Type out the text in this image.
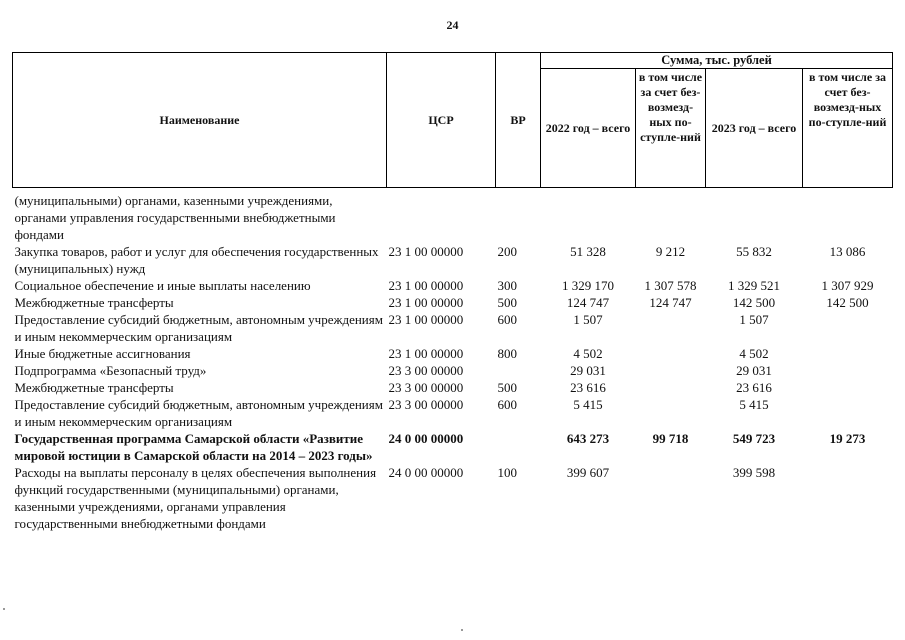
24
Наименование	ЦСР	ВР	Сумма, тыс. рублей			
			2022 год – всего	в том числе за счет без-возмезд-ных по-ступле-ний	2023 год – всего	в том числе за счет без-возмезд-ных по-ступле-ний

(муниципальными) органами, казенными учреждениями, органами управления государственными внебюджетными фондами						
Закупка товаров, работ и услуг для обеспечения государственных (муниципальных) нужд	23 1 00 00000	200	51 328	9 212	55 832	13 086
Социальное обеспечение и иные выплаты населению	23 1 00 00000	300	1 329 170	1 307 578	1 329 521	1 307 929
Межбюджетные трансферты	23 1 00 00000	500	124 747	124 747	142 500	142 500
Предоставление субсидий бюджетным, автономным учреждениям и иным некоммерческим организациям	23 1 00 00000	600	1 507		1 507	
Иные бюджетные ассигнования	23 1 00 00000	800	4 502		4 502	
Подпрограмма «Безопасный труд»	23 3 00 00000		29 031		29 031	
Межбюджетные трансферты	23 3 00 00000	500	23 616		23 616	
Предоставление субсидий бюджетным, автономным учреждениям и иным некоммерческим организациям	23 3 00 00000	600	5 415		5 415	
Государственная программа Самарской области «Развитие мировой юстиции в Самарской области на 2014 – 2023 годы»	24 0 00 00000		643 273	99 718	549 723	19 273
Расходы на выплаты персоналу в целях обеспечения выполнения функций государственными (муниципальными) органами, казенными учреждениями, органами управления государственными внебюджетными фондами	24 0 00 00000	100	399 607		399 598	
